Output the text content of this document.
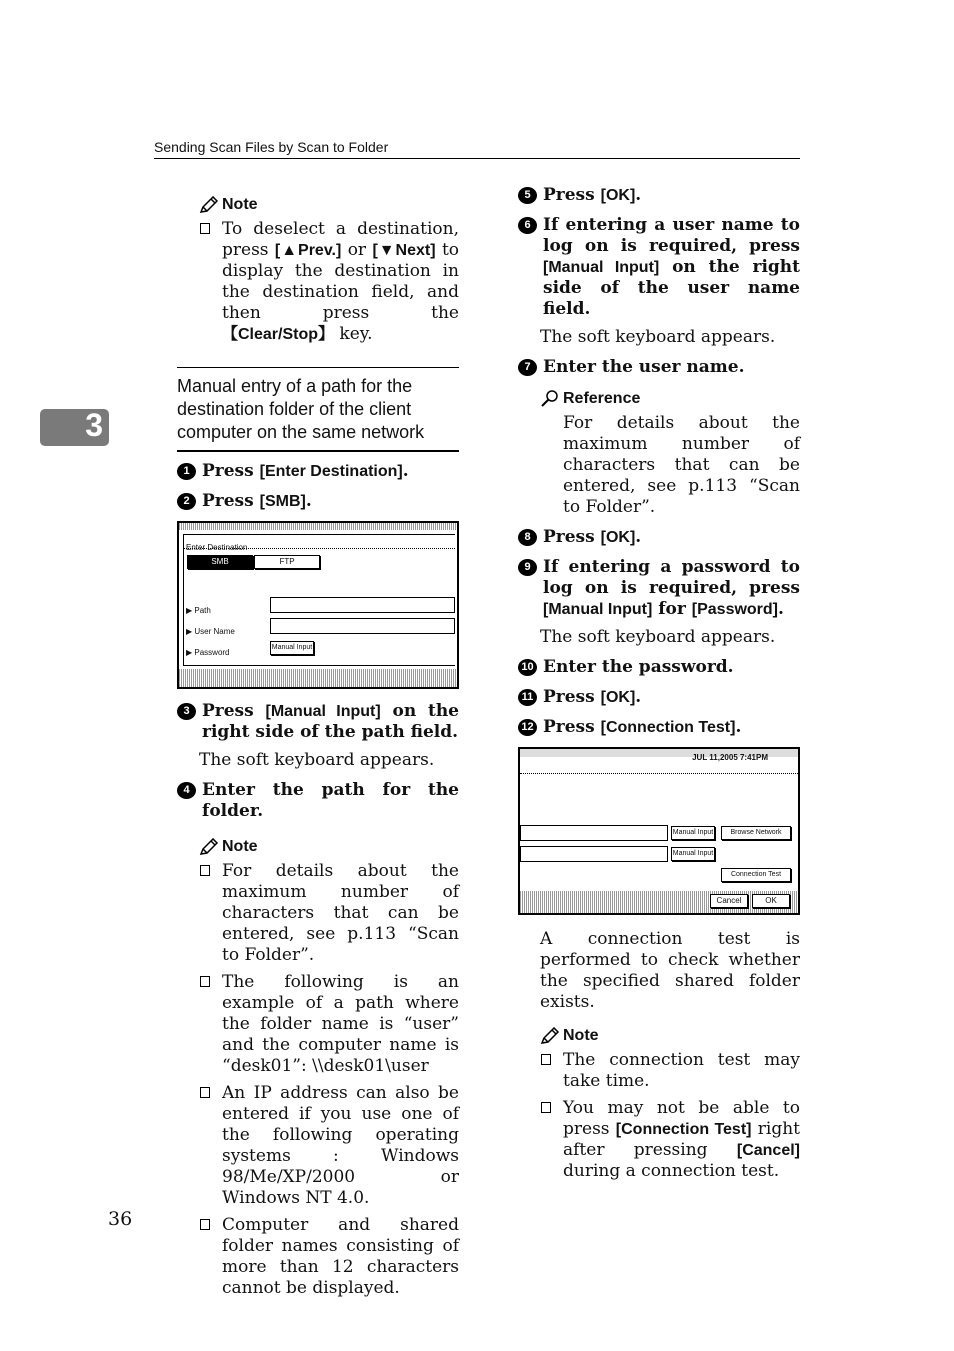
Sending Scan Files by Scan to Folder
3
36
Note
To deselect a destination, press [▲Prev.] or [▼Next] to display the destination in the destination field, and then press the 【Clear/Stop】 key.
Manual entry of a path for the destination folder of the client computer on the same network
1 Press [Enter Destination].
2 Press [SMB].
Enter Destination
SMB	FTP
▶ Path
▶ User Name
▶ Password
Manual Input
3 Press [Manual Input] on the right side of the path field.
The soft keyboard appears.
4 Enter the path for the folder.
Note
For details about the maximum number of characters that can be entered, see p.113 “Scan to Folder”.
The following is an example of a path where the folder name is “user” and the computer name is “desk01”: \\desk01\user
An IP address can also be entered if you use one of the following operating systems : Windows 98/Me/XP/2000 or Windows NT 4.0.
Computer and shared folder names consisting of more than 12 characters cannot be displayed.
5 Press [OK].
6 If entering a user name to log on is required, press [Manual Input] on the right side of the user name field.
The soft keyboard appears.
7 Enter the user name.
Reference
For details about the maximum number of characters that can be entered, see p.113 “Scan to Folder”.
8 Press [OK].
9 If entering a password to log on is required, press [Manual Input] for [Password].
The soft keyboard appears.
10 Enter the password.
11 Press [OK].
12 Press [Connection Test].
JUL 11,2005 7:41PM
Manual Input	Browse Network
Manual Input
Connection Test
Cancel	OK
A connection test is performed to check whether the specified shared folder exists.
Note
The connection test may take time.
You may not be able to press [Connection Test] right after pressing [Cancel] during a connection test.
